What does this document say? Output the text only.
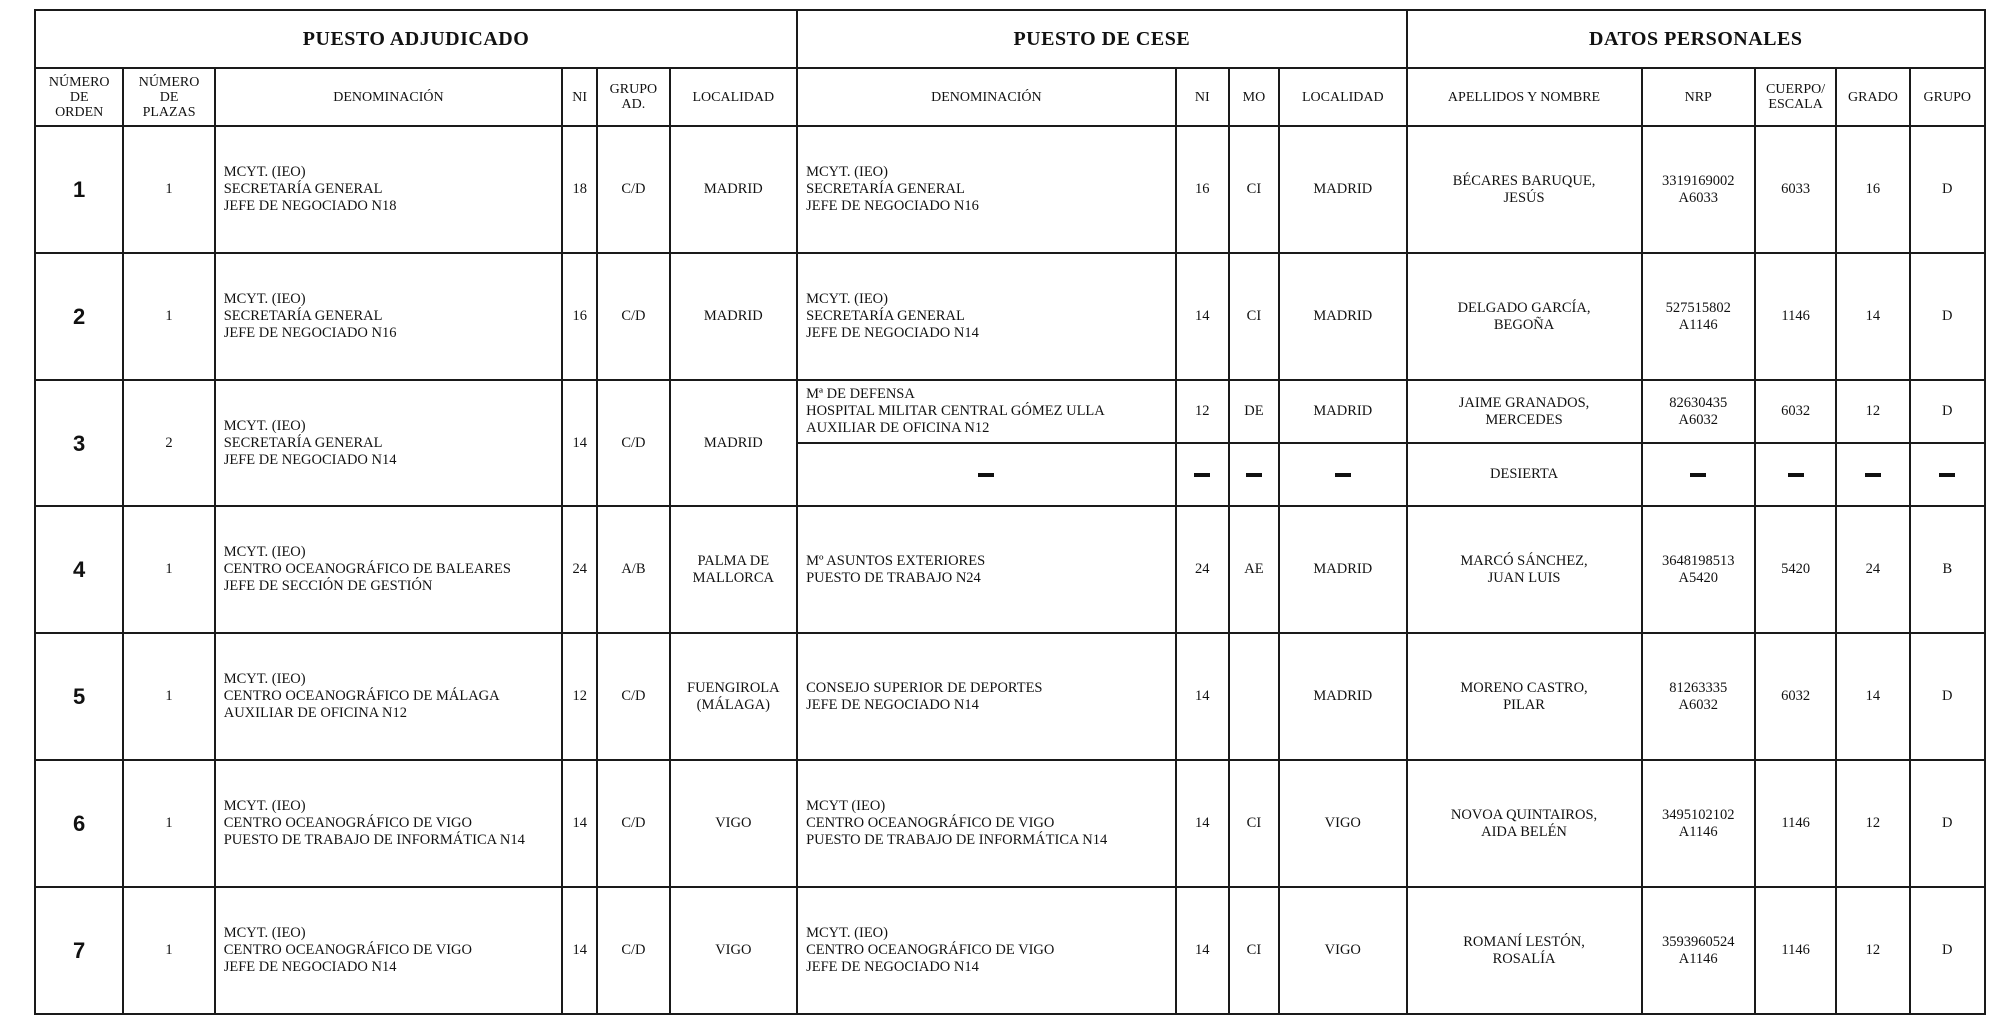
PUESTO ADJUDICADO						PUESTO DE CESE				DATOS PERSONALES				
NÚMERO
DE
ORDEN	NÚMERO
DE
PLAZAS	DENOMINACIÓN	NI	GRUPO
AD.	LOCALIDAD	DENOMINACIÓN	NI	MO	LOCALIDAD	APELLIDOS Y NOMBRE	NRP	CUERPO/
ESCALA	GRADO	GRUPO
1	1	MCYT. (IEO)
SECRETARÍA GENERAL
JEFE DE NEGOCIADO N18	18	C/D	MADRID	MCYT. (IEO)
SECRETARÍA GENERAL
JEFE DE NEGOCIADO N16	16	CI	MADRID	BÉCARES BARUQUE,
JESÚS	3319169002
A6033	6033	16	D
2	1	MCYT. (IEO)
SECRETARÍA GENERAL
JEFE DE NEGOCIADO N16	16	C/D	MADRID	MCYT. (IEO)
SECRETARÍA GENERAL
JEFE DE NEGOCIADO N14	14	CI	MADRID	DELGADO GARCÍA,
BEGOÑA	527515802
A1146	1146	14	D
3	2	MCYT. (IEO)
SECRETARÍA GENERAL
JEFE DE NEGOCIADO N14	14	C/D	MADRID	Mª DE DEFENSA
HOSPITAL MILITAR CENTRAL GÓMEZ ULLA
AUXILIAR DE OFICINA N12	12	DE	MADRID	JAIME GRANADOS,
MERCEDES	82630435
A6032	6032	12	D
										DESIERTA				
4	1	MCYT. (IEO)
CENTRO OCEANOGRÁFICO DE BALEARES
JEFE DE SECCIÓN DE GESTIÓN	24	A/B	PALMA DE
MALLORCA	Mº ASUNTOS EXTERIORES
PUESTO DE TRABAJO N24	24	AE	MADRID	MARCÓ SÁNCHEZ,
JUAN LUIS	3648198513
A5420	5420	24	B
5	1	MCYT. (IEO)
CENTRO OCEANOGRÁFICO DE MÁLAGA
AUXILIAR DE OFICINA N12	12	C/D	FUENGIROLA
(MÁLAGA)	CONSEJO SUPERIOR DE DEPORTES
JEFE DE NEGOCIADO N14	14		MADRID	MORENO CASTRO,
PILAR	81263335
A6032	6032	14	D
6	1	MCYT. (IEO)
CENTRO OCEANOGRÁFICO DE VIGO
PUESTO DE TRABAJO DE INFORMÁTICA N14	14	C/D	VIGO	MCYT (IEO)
CENTRO OCEANOGRÁFICO DE VIGO
PUESTO DE TRABAJO DE INFORMÁTICA N14	14	CI	VIGO	NOVOA QUINTAIROS,
AIDA BELÉN	3495102102
A1146	1146	12	D
7	1	MCYT. (IEO)
CENTRO OCEANOGRÁFICO DE VIGO
JEFE DE NEGOCIADO N14	14	C/D	VIGO	MCYT. (IEO)
CENTRO OCEANOGRÁFICO DE VIGO
JEFE DE NEGOCIADO N14	14	CI	VIGO	ROMANÍ LESTÓN,
ROSALÍA	3593960524
A1146	1146	12	D
